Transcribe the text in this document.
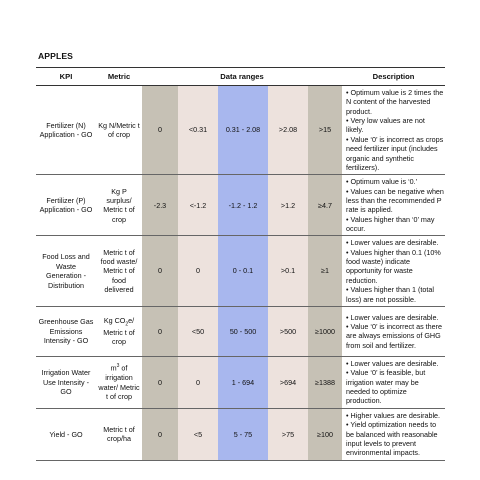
APPLES
KPI	Metric	Data ranges					Description
Fertilizer (N) Application - GO	Kg N/Metric t of crop	0	<0.31	0.31 - 2.08	>2.08	>15	• Optimum value is 2 times the N content of the harvested product.
• Very low values are not likely.
• Value ‘0’ is incorrect as crops need fertilizer input (includes organic and synthetic fertilizers).

Fertilizer (P) Application - GO	Kg P surplus/ Metric t of crop	-2.3	<-1.2	-1.2 - 1.2	>1.2	≥4.7	• Optimum value is ‘0.’
• Values can be negative when less than the recommended P rate is applied.
• Values higher than ‘0’ may occur.

Food Loss and Waste Generation - Distribution	Metric t of food waste/ Metric t of food delivered	0	0	0 - 0.1	>0.1	≥1	• Lower values are desirable.
• Values higher than 0.1 (10% food waste) indicate opportunity for waste reduction.
• Values higher than 1 (total loss) are not possible.

Greenhouse Gas Emissions Intensity - GO	Kg $CO_2e/$ Metric t of crop	0	<50	50 - 500	>500	≥1000	• Lower values are desirable.
• Value ‘0’ is incorrect as there are always emissions of GHG from soil and fertilizer.

Irrigation Water Use Intensity - GO	$m^3$ of irrigation water/ Metric t of crop	0	0	1 - 694	>694	≥1388	• Lower values are desirable.
• Value ‘0’ is feasible, but irrigation water may be needed to optimize production.

Yield - GO	Metric t of crop/ha	0	<5	5 - 75	>75	≥100	• Higher values are desirable.
• Yield optimization needs to be balanced with reasonable input levels to prevent environmental impacts.
